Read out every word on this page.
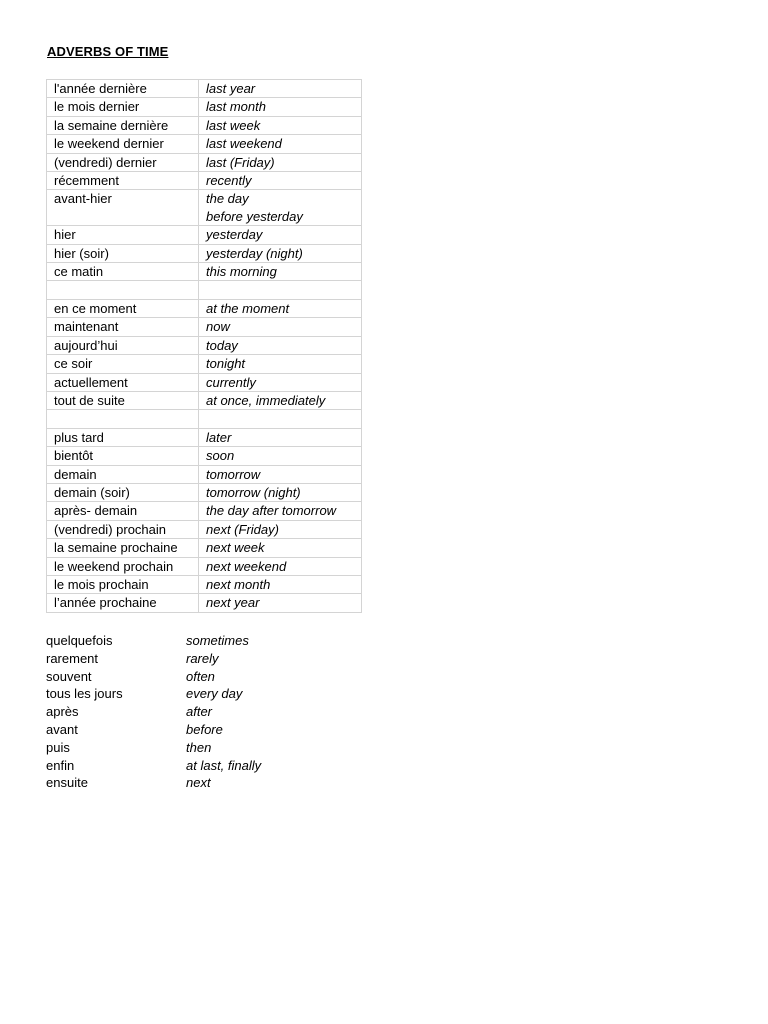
ADVERBS OF TIME
l'année dernière	last year

le mois dernier	last month

la semaine dernière	last week

le weekend dernier	last weekend

(vendredi) dernier	last (Friday)

récemment	recently

avant-hier	the day
before yesterday

hier	yesterday

hier (soir)	yesterday (night)

ce matin	this morning

en ce moment	at the moment

maintenant	now

aujourd’hui	today

ce soir	tonight

actuellement	currently

tout de suite	at once, immediately

plus tard	later

bientôt	soon

demain	tomorrow

demain (soir)	tomorrow (night)

après- demain	the day after tomorrow

(vendredi) prochain	next (Friday)

la semaine prochaine	next week

le weekend prochain	next weekend

le mois prochain	next month

l’année prochaine	next year
quelquefois	sometimes
rarement	rarely
souvent	often
tous les jours	every day
après	after
avant	before
puis	then
enfin	at last, finally
ensuite	next
